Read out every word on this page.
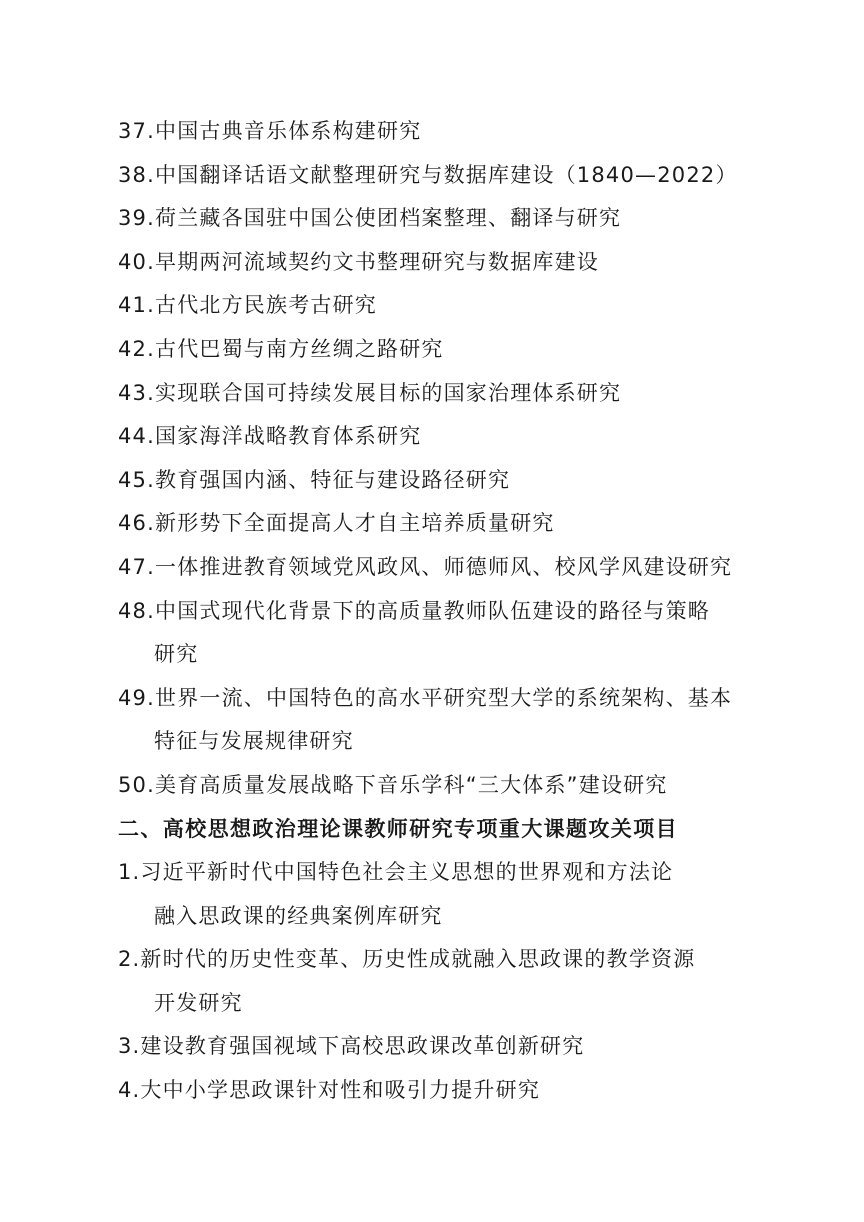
37.中国古典音乐体系构建研究
38.中国翻译话语文献整理研究与数据库建设（1840—2022）
39.荷兰藏各国驻中国公使团档案整理、翻译与研究
40.早期两河流域契约文书整理研究与数据库建设
41.古代北方民族考古研究
42.古代巴蜀与南方丝绸之路研究
43.实现联合国可持续发展目标的国家治理体系研究
44.国家海洋战略教育体系研究
45.教育强国内涵、特征与建设路径研究
46.新形势下全面提高人才自主培养质量研究
47.一体推进教育领域党风政风、师德师风、校风学风建设研究
48.中国式现代化背景下的高质量教师队伍建设的路径与策略
研究
49.世界一流、中国特色的高水平研究型大学的系统架构、基本
特征与发展规律研究
50.美育高质量发展战略下音乐学科“三大体系”建设研究
二、高校思想政治理论课教师研究专项重大课题攻关项目
1.习近平新时代中国特色社会主义思想的世界观和方法论
融入思政课的经典案例库研究
2.新时代的历史性变革、历史性成就融入思政课的教学资源
开发研究
3.建设教育强国视域下高校思政课改革创新研究
4.大中小学思政课针对性和吸引力提升研究
